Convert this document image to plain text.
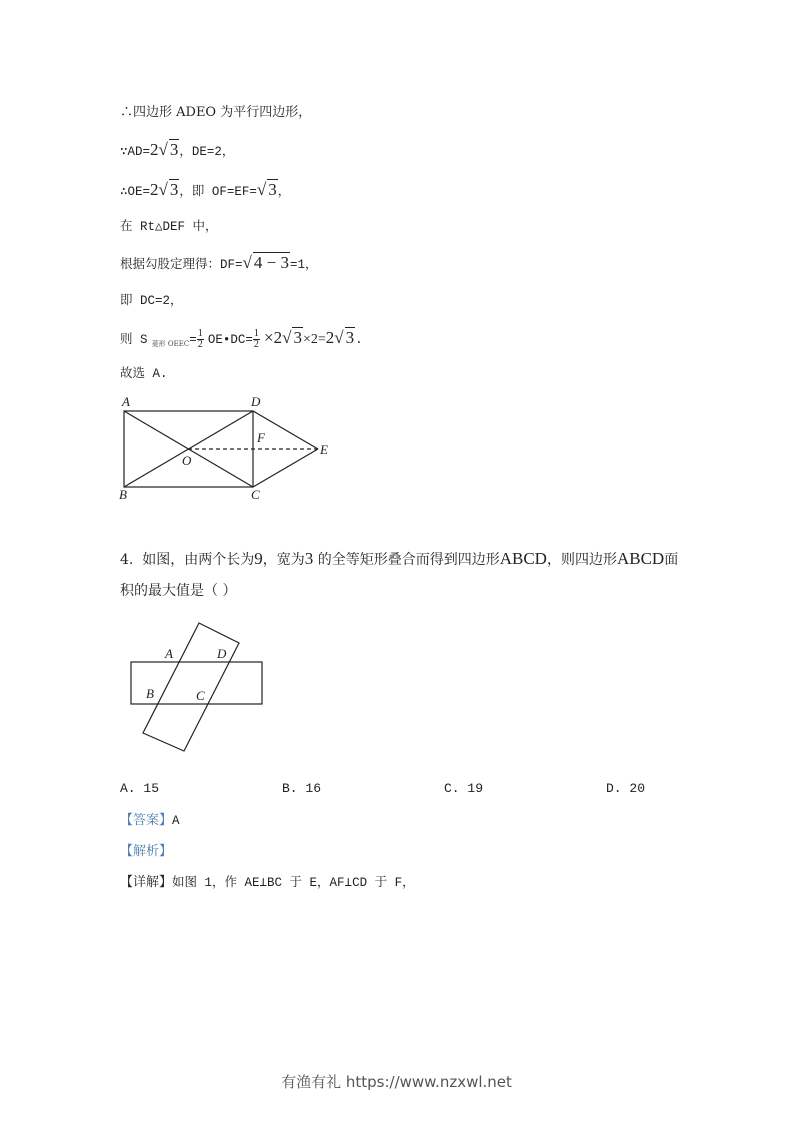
∴四边形 ADEO 为平行四边形，
∵AD=2√ 3，DE=2，
∴OE=2√ 3，即 OF=EF=√ 3，
在 Rt△DEF 中，
根据勾股定理得：DF=√ 4 − 3=1，
即 DC=2，
则 S $_{菱形 OEEC}= \frac{1}{2}$ OE•DC= $\frac{1}{2} \times 2√$ 3×2=2√ 3.
故选 A.
A	D
B	C
O
F
E
A	D
B	C
4. 如图，由两个长为9，宽为3 的全等矩形叠合而得到四边形ABCD，则四边形ABCD面
积的最大值是（ ）
A. 15	B. 16	C. 19	D. 20
【答案】A
【解析】
【详解】如图 1，作 AE⊥BC 于 E，AF⊥CD 于 F，
有渔有礼 https://www.nzxwl.net
